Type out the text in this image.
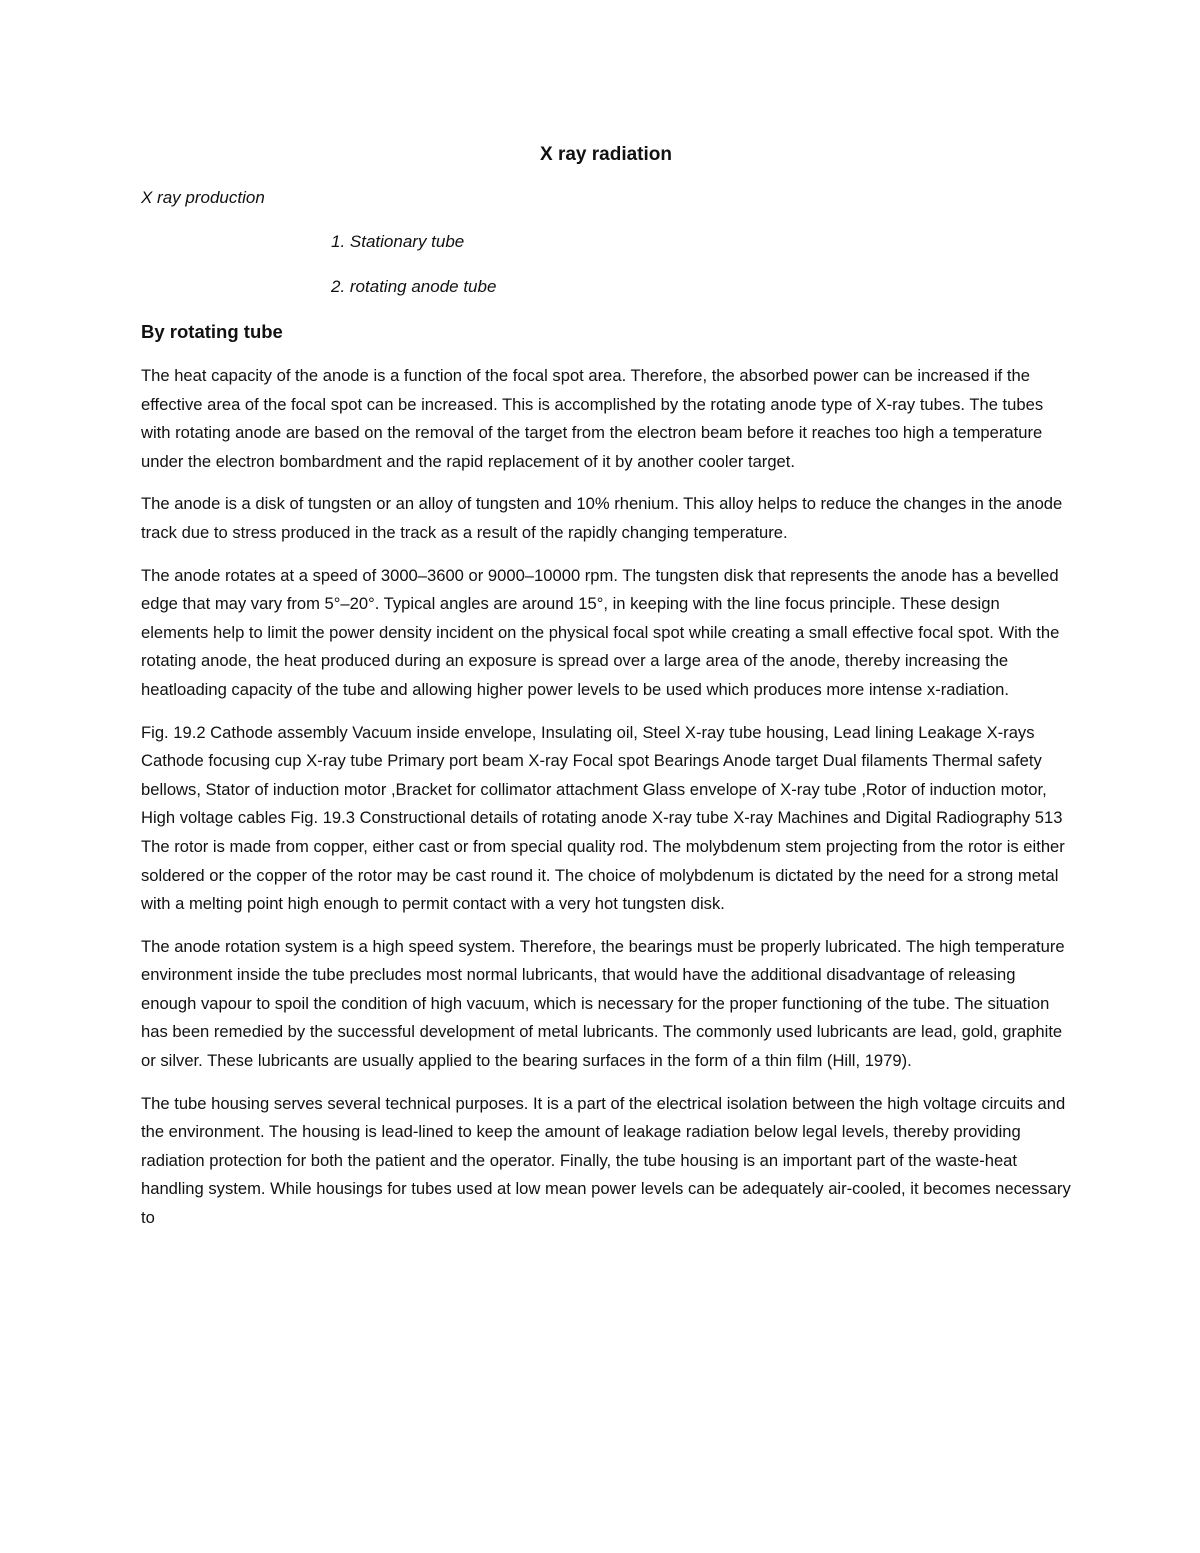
X ray radiation
X ray production
1. Stationary tube
2. rotating anode tube
By rotating tube

The heat capacity of the anode is a function of the focal spot area. Therefore, the absorbed power can be increased if the effective area of the focal spot can be increased. This is accomplished by the rotating anode type of X-ray tubes. The tubes with rotating anode are based on the removal of the target from the electron beam before it reaches too high a temperature under the electron bombardment and the rapid replacement of it by another cooler target.

The anode is a disk of tungsten or an alloy of tungsten and 10% rhenium. This alloy helps to reduce the changes in the anode track due to stress produced in the track as a result of the rapidly changing temperature.

The anode rotates at a speed of 3000–3600 or 9000–10000 rpm. The tungsten disk that represents the anode has a bevelled edge that may vary from 5°–20°. Typical angles are around 15°, in keeping with the line focus principle. These design elements help to limit the power density incident on the physical focal spot while creating a small effective focal spot. With the rotating anode, the heat produced during an exposure is spread over a large area of the anode, thereby increasing the heatloading capacity of the tube and allowing higher power levels to be used which produces more intense x-radiation.

Fig. 19.2 Cathode assembly Vacuum inside envelope, Insulating oil, Steel X-ray tube housing, Lead lining Leakage X-rays Cathode focusing cup X-ray tube Primary port beam X-ray Focal spot Bearings Anode target Dual filaments Thermal safety bellows, Stator of induction motor ,Bracket for collimator attachment Glass envelope of X-ray tube ,Rotor of induction motor, High voltage cables Fig. 19.3 Constructional details of rotating anode X-ray tube X-ray Machines and Digital Radiography 513 The rotor is made from copper, either cast or from special quality rod. The molybdenum stem projecting from the rotor is either soldered or the copper of the rotor may be cast round it. The choice of molybdenum is dictated by the need for a strong metal with a melting point high enough to permit contact with a very hot tungsten disk.

The anode rotation system is a high speed system. Therefore, the bearings must be properly lubricated. The high temperature environment inside the tube precludes most normal lubricants, that would have the additional disadvantage of releasing enough vapour to spoil the condition of high vacuum, which is necessary for the proper functioning of the tube. The situation has been remedied by the successful development of metal lubricants. The commonly used lubricants are lead, gold, graphite or silver. These lubricants are usually applied to the bearing surfaces in the form of a thin film (Hill, 1979).

The tube housing serves several technical purposes. It is a part of the electrical isolation between the high voltage circuits and the environment. The housing is lead-lined to keep the amount of leakage radiation below legal levels, thereby providing radiation protection for both the patient and the operator. Finally, the tube housing is an important part of the waste-heat handling system. While housings for tubes used at low mean power levels can be adequately air-cooled, it becomes necessary to
